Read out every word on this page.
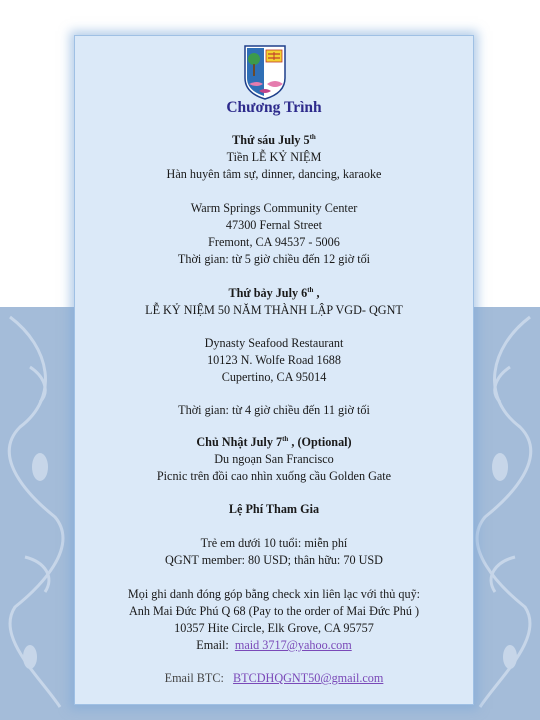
Chương Trình
Thứ sáu July 5th
Tiền LỄ KỶ NIỆM
Hàn huyên tâm sự, dinner, dancing, karaoke
Warm Springs Community Center
47300 Fernal Street
Fremont, CA 94537 - 5006
Thời gian: từ 5 giờ chiều đến 12 giờ tối
Thứ bảy July 6th ,
LỄ KỶ NIỆM 50 NĂM THÀNH LẬP VGD- QGNT
Dynasty Seafood Restaurant
10123 N. Wolfe Road 1688
Cupertino, CA 95014
Thời gian: từ 4 giờ chiều đến 11 giờ tối
Chủ Nhật July 7th , (Optional)
Du ngoạn San Francisco
Picnic trên đồi cao nhìn xuống cầu Golden Gate
Lệ Phí Tham Gia
Trẻ em dưới 10 tuổi: miễn phí
QGNT member: 80 USD; thân hữu: 70 USD
Mọi ghi danh đóng góp bằng check xin liên lạc với thủ quỹ:
Anh Mai Đức Phú Q 68 (Pay to the order of Mai Đức Phú )
10357 Hite Circle, Elk Grove, CA 95757
Email:  maid 3717@yahoo.com
Email BTC:   BTCDHQGNT50@gmail.com
